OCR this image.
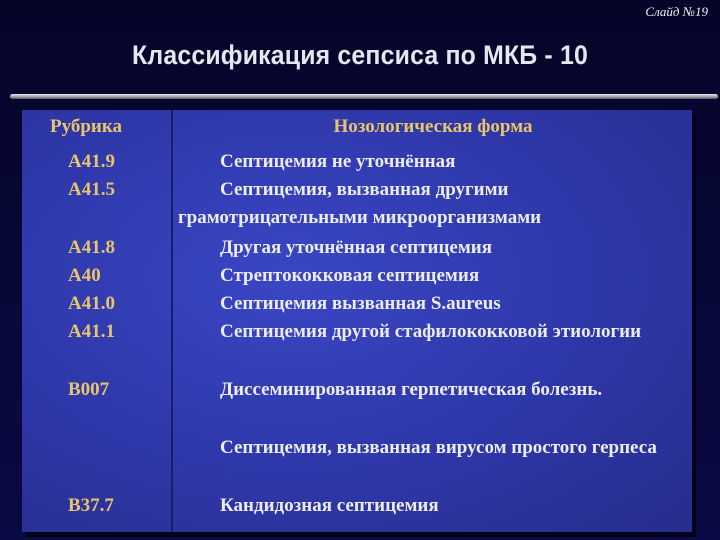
Слайд №19
Классификация сепсиса по МКБ - 10
Рубрика	Нозологическая форма
А41.9
А41.5
А41.8
А40
А41.0
А41.1
В007
В37.7
Септицемия не уточнённая
Септицемия, вызванная другими грамотрицательными микроорганизмами
Другая уточнённая септицемия
Стрептококковая септицемия
Септицемия вызванная S.aureus
Септицемия другой стафилококковой этиологии
Диссеминированная герпетическая болезнь.
Септицемия, вызванная вирусом простого герпеса
Кандидозная септицемия
